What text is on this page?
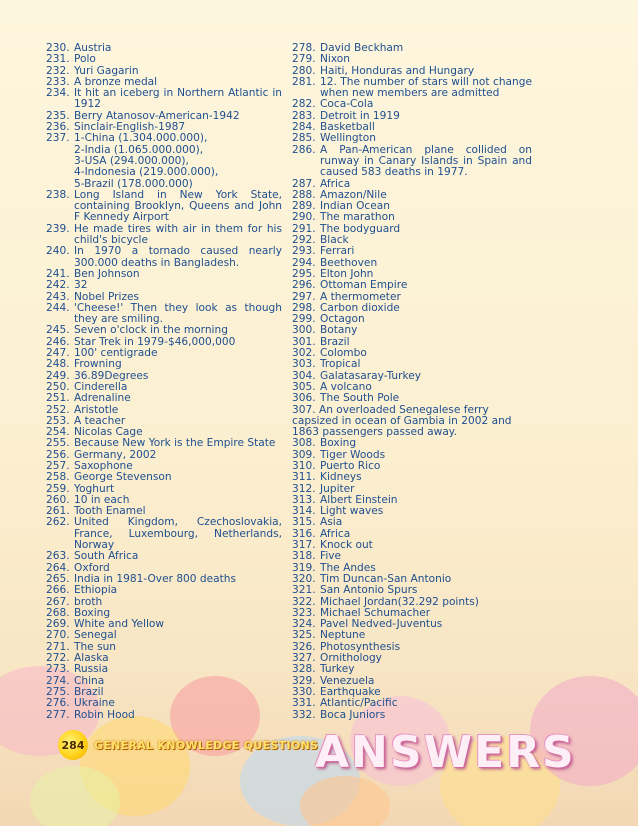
230. Austria
231. Polo
232. Yuri Gagarin
233. A bronze medal
234. It hit an iceberg in Northern Atlantic in 1912
235. Berry Atanosov-American-1942
236. Sinclair-English-1987
237. 1-China (1.304.000.000),
2-India (1.065.000.000),
3-USA (294.000.000),
4-Indonesia (219.000.000),
5-Brazil (178.000.000)
238. Long Island in New York State, containing Brooklyn, Queens and John F Kennedy Airport
239. He made tires with air in them for his child's bicycle
240. In 1970 a tornado caused nearly 300.000 deaths in Bangladesh.
241. Ben Johnson
242. 32
243. Nobel Prizes
244. 'Cheese!' Then they look as though they are smiling.
245. Seven o'clock in the morning
246. Star Trek in 1979-$46,000,000
247. 100' centigrade
248. Frowning
249. 36.89Degrees
250. Cinderella
251. Adrenaline
252. Aristotle
253. A teacher
254. Nicolas Cage
255. Because New York is the Empire State
256. Germany, 2002
257. Saxophone
258. George Stevenson
259. Yoghurt
260. 10 in each
261. Tooth Enamel
262. United Kingdom, Czechoslovakia, France, Luxembourg, Netherlands, Norway
263. South Africa
264. Oxford
265. India in 1981-Over 800 deaths
266. Ethiopia
267. broth
268. Boxing
269. White and Yellow
270. Senegal
271. The sun
272. Alaska
273. Russia
274. China
275. Brazil
276. Ukraine
277. Robin Hood
278. David Beckham
279. Nixon
280. Haiti, Honduras and Hungary
281. 12. The number of stars will not change when new members are admitted
282. Coca-Cola
283. Detroit in 1919
284. Basketball
285. Wellington
286. A Pan-American plane collided on runway in Canary Islands in Spain and caused 583 deaths in 1977.
287. Africa
288. Amazon/Nile
289. Indian Ocean
290. The marathon
291. The bodyguard
292. Black
293. Ferrari
294. Beethoven
295. Elton John
296. Ottoman Empire
297. A thermometer
298. Carbon dioxide
299. Octagon
300. Botany
301. Brazil
302. Colombo
303. Tropical
304. Galatasaray-Turkey
305. A volcano
306. The South Pole
307. An overloaded Senegalese ferry capsized in ocean of Gambia in 2002 and 1863 passengers passed away.
308. Boxing
309. Tiger Woods
310. Puerto Rico
311. Kidneys
312. Jupiter
313. Albert Einstein
314. Light waves
315. Asia
316. Africa
317. Knock out
318. Five
319. The Andes
320. Tim Duncan-San Antonio
321. San Antonio Spurs
322. Michael Jordan(32.292 points)
323. Michael Schumacher
324. Pavel Nedved-Juventus
325. Neptune
326. Photosynthesis
327. Ornithology
328. Turkey
329. Venezuela
330. Earthquake
331. Atlantic/Pacific
332. Boca Juniors
284 GENERAL KNOWLEDGE QUESTIONS
ANSWERS
